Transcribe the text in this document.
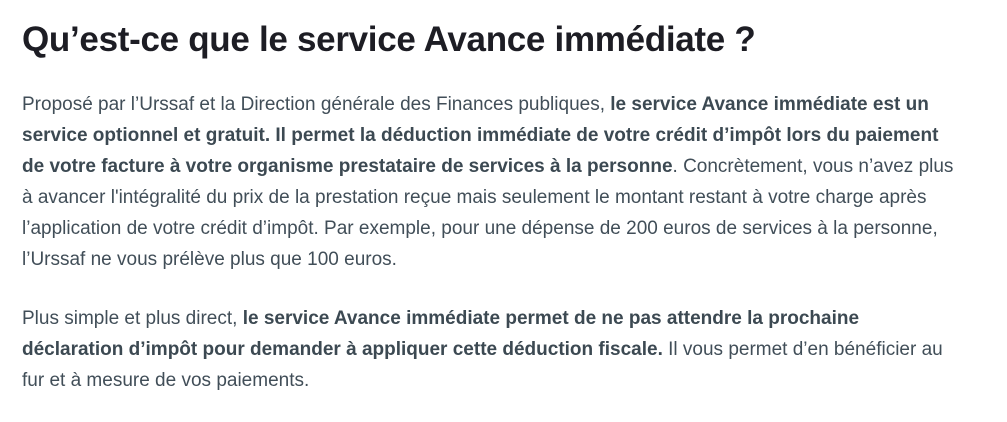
Qu’est-ce que le service Avance immédiate ?

Proposé par l’Urssaf et la Direction générale des Finances publiques, le service Avance immédiate est un service optionnel et gratuit. Il permet la déduction immédiate de votre crédit d’impôt lors du paiement de votre facture à votre organisme prestataire de services à la personne. Concrètement, vous n’avez plus à avancer l'intégralité du prix de la prestation reçue mais seulement le montant restant à votre charge après l’application de votre crédit d’impôt. Par exemple, pour une dépense de 200 euros de services à la personne, l’Urssaf ne vous prélève plus que 100 euros.

Plus simple et plus direct, le service Avance immédiate permet de ne pas attendre la prochaine déclaration d’impôt pour demander à appliquer cette déduction fiscale. Il vous permet d’en bénéficier au fur et à mesure de vos paiements.
